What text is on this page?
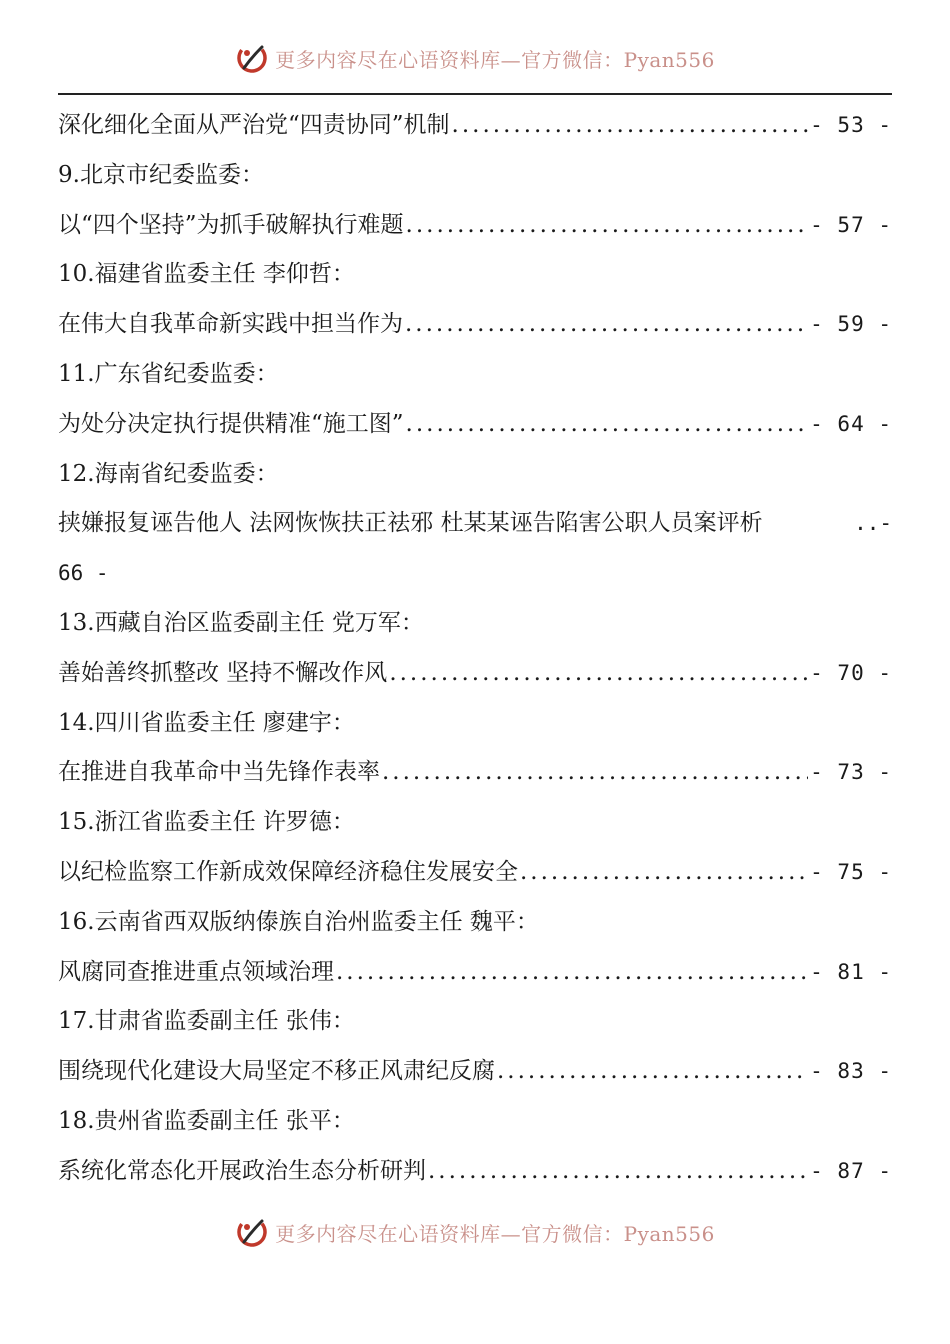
更多内容尽在心语资料库—官方微信：Pyan556
深化细化全面从严治党“四责协同”机制 .....	- 53 -
9.北京市纪委监委：
以“四个坚持”为抓手破解执行难题 .....	- 57 -
10.福建省监委主任 李仰哲：
在伟大自我革命新实践中担当作为 .....	- 59 -
11.广东省纪委监委：
为处分决定执行提供精准“施工图” .....	- 64 -
12.海南省纪委监委：
挟嫌报复诬告他人 法网恢恢扶正祛邪 杜某某诬告陷害公职人员案评析	..-
66 -
13.西藏自治区监委副主任 党万军：
善始善终抓整改 坚持不懈改作风 .....	- 70 -
14.四川省监委主任 廖建宇：
在推进自我革命中当先锋作表率 .....	- 73 -
15.浙江省监委主任 许罗德：
以纪检监察工作新成效保障经济稳住发展安全 .....	- 75 -
16.云南省西双版纳傣族自治州监委主任 魏平：
风腐同查推进重点领域治理 .....	- 81 -
17.甘肃省监委副主任 张伟：
围绕现代化建设大局坚定不移正风肃纪反腐 .....	- 83 -
18.贵州省监委副主任 张平：
系统化常态化开展政治生态分析研判 .....	- 87 -
更多内容尽在心语资料库—官方微信：Pyan556
